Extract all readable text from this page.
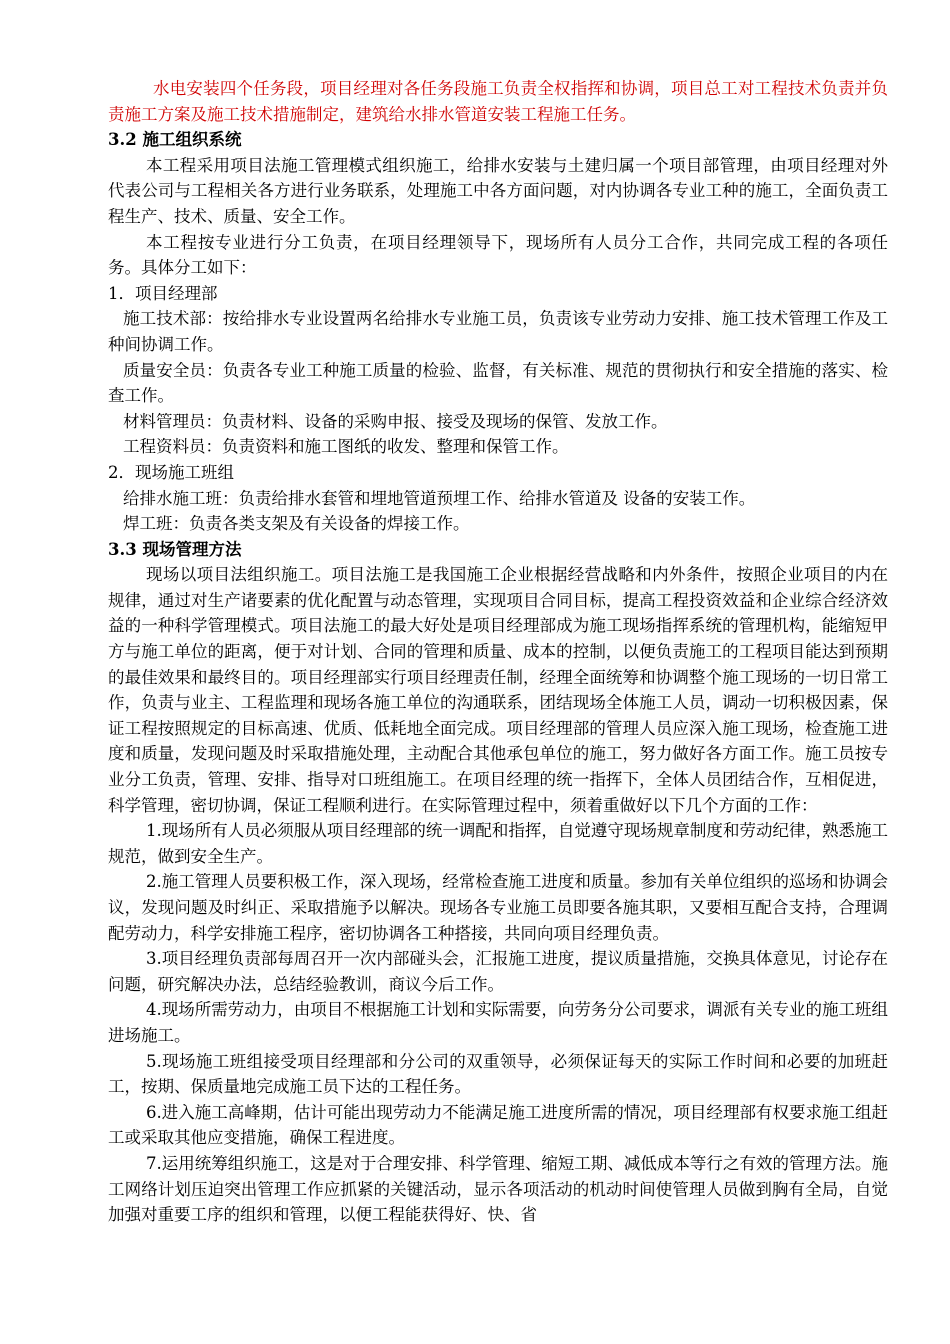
水电安装四个任务段，项目经理对各任务段施工负责全权指挥和协调，项目总工对工程技术负责并负责施工方案及施工技术措施制定，建筑给水排水管道安装工程施工任务。

3.2 施工组织系统

本工程采用项目法施工管理模式组织施工，给排水安装与土建归属一个项目部管理，由项目经理对外代表公司与工程相关各方进行业务联系，处理施工中各方面问题，对内协调各专业工种的施工，全面负责工程生产、技术、质量、安全工作。

本工程按专业进行分工负责，在项目经理领导下，现场所有人员分工合作，共同完成工程的各项任务。具体分工如下：

1．项目经理部

施工技术部：按给排水专业设置两名给排水专业施工员，负责该专业劳动力安排、施工技术管理工作及工种间协调工作。

质量安全员：负责各专业工种施工质量的检验、监督，有关标准、规范的贯彻执行和安全措施的落实、检查工作。

材料管理员：负责材料、设备的采购申报、接受及现场的保管、发放工作。

工程资料员：负责资料和施工图纸的收发、整理和保管工作。

2．现场施工班组

给排水施工班：负责给排水套管和埋地管道预埋工作、给排水管道及 设备的安装工作。

焊工班：负责各类支架及有关设备的焊接工作。

3.3 现场管理方法

现场以项目法组织施工。项目法施工是我国施工企业根据经营战略和内外条件，按照企业项目的内在规律，通过对生产诸要素的优化配置与动态管理，实现项目合同目标，提高工程投资效益和企业综合经济效益的一种科学管理模式。项目法施工的最大好处是项目经理部成为施工现场指挥系统的管理机构，能缩短甲方与施工单位的距离，便于对计划、合同的管理和质量、成本的控制，以便负责施工的工程项目能达到预期的最佳效果和最终目的。项目经理部实行项目经理责任制，经理全面统筹和协调整个施工现场的一切日常工作，负责与业主、工程监理和现场各施工单位的沟通联系，团结现场全体施工人员，调动一切积极因素，保证工程按照规定的目标高速、优质、低耗地全面完成。项目经理部的管理人员应深入施工现场，检查施工进度和质量，发现问题及时采取措施处理，主动配合其他承包单位的施工，努力做好各方面工作。施工员按专业分工负责，管理、安排、指导对口班组施工。在项目经理的统一指挥下，全体人员团结合作，互相促进，科学管理，密切协调，保证工程顺利进行。在实际管理过程中，须着重做好以下几个方面的工作：

1.现场所有人员必须服从项目经理部的统一调配和指挥，自觉遵守现场规章制度和劳动纪律，熟悉施工规范，做到安全生产。

2.施工管理人员要积极工作，深入现场，经常检查施工进度和质量。参加有关单位组织的巡场和协调会议，发现问题及时纠正、采取措施予以解决。现场各专业施工员即要各施其职，又要相互配合支持，合理调配劳动力，科学安排施工程序，密切协调各工种搭接，共同向项目经理负责。

3.项目经理负责部每周召开一次内部碰头会，汇报施工进度，提议质量措施，交换具体意见，讨论存在问题，研究解决办法，总结经验教训，商议今后工作。

4.现场所需劳动力，由项目不根据施工计划和实际需要，向劳务分公司要求，调派有关专业的施工班组进场施工。

5.现场施工班组接受项目经理部和分公司的双重领导，必须保证每天的实际工作时间和必要的加班赶工，按期、保质量地完成施工员下达的工程任务。

6.进入施工高峰期，估计可能出现劳动力不能满足施工进度所需的情况，项目经理部有权要求施工组赶工或采取其他应变措施，确保工程进度。

7.运用统筹组织施工，这是对于合理安排、科学管理、缩短工期、减低成本等行之有效的管理方法。施工网络计划压迫突出管理工作应抓紧的关键活动，显示各项活动的机动时间使管理人员做到胸有全局，自觉加强对重要工序的组织和管理，以便工程能获得好、快、省
